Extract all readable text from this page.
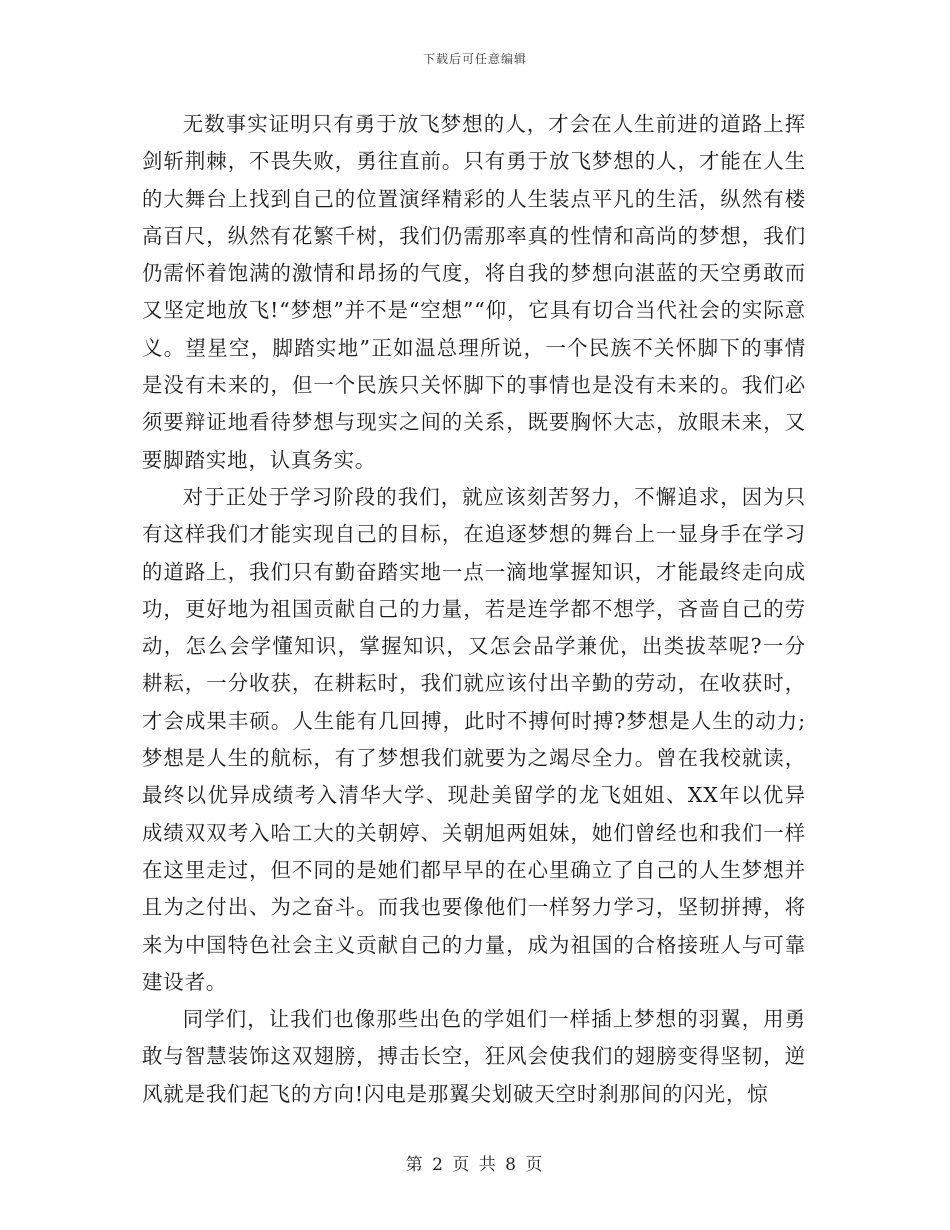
下载后可任意编辑

无数事实证明只有勇于放飞梦想的人，才会在人生前进的道路上挥剑斩荆棘，不畏失败，勇往直前。只有勇于放飞梦想的人，才能在人生的大舞台上找到自己的位置演绎精彩的人生装点平凡的生活，纵然有楼高百尺，纵然有花繁千树，我们仍需那率真的性情和高尚的梦想，我们仍需怀着饱满的激情和昂扬的气度，将自我的梦想向湛蓝的天空勇敢而又坚定地放飞!“梦想”并不是“空想”“仰，它具有切合当代社会的实际意义。望星空，脚踏实地”正如温总理所说，一个民族不关怀脚下的事情是没有未来的，但一个民族只关怀脚下的事情也是没有未来的。我们必须要辩证地看待梦想与现实之间的关系，既要胸怀大志，放眼未来，又要脚踏实地，认真务实。

对于正处于学习阶段的我们，就应该刻苦努力，不懈追求，因为只有这样我们才能实现自己的目标，在追逐梦想的舞台上一显身手在学习的道路上，我们只有勤奋踏实地一点一滴地掌握知识，才能最终走向成功，更好地为祖国贡献自己的力量，若是连学都不想学，吝啬自己的劳动，怎么会学懂知识，掌握知识，又怎会品学兼优，出类拔萃呢?一分耕耘，一分收获，在耕耘时，我们就应该付出辛勤的劳动，在收获时，才会成果丰硕。人生能有几回搏，此时不搏何时搏?梦想是人生的动力;梦想是人生的航标，有了梦想我们就要为之竭尽全力。曾在我校就读，最终以优异成绩考入清华大学、现赴美留学的龙飞姐姐、XX年以优异成绩双双考入哈工大的关朝婷、关朝旭两姐妹，她们曾经也和我们一样在这里走过，但不同的是她们都早早的在心里确立了自己的人生梦想并且为之付出、为之奋斗。而我也要像他们一样努力学习，坚韧拼搏，将来为中国特色社会主义贡献自己的力量，成为祖国的合格接班人与可靠建设者。

同学们，让我们也像那些出色的学姐们一样插上梦想的羽翼，用勇敢与智慧装饰这双翅膀，搏击长空，狂风会使我们的翅膀变得坚韧，逆风就是我们起飞的方向!闪电是那翼尖划破天空时刹那间的闪光，惊

第 2 页 共 8 页
